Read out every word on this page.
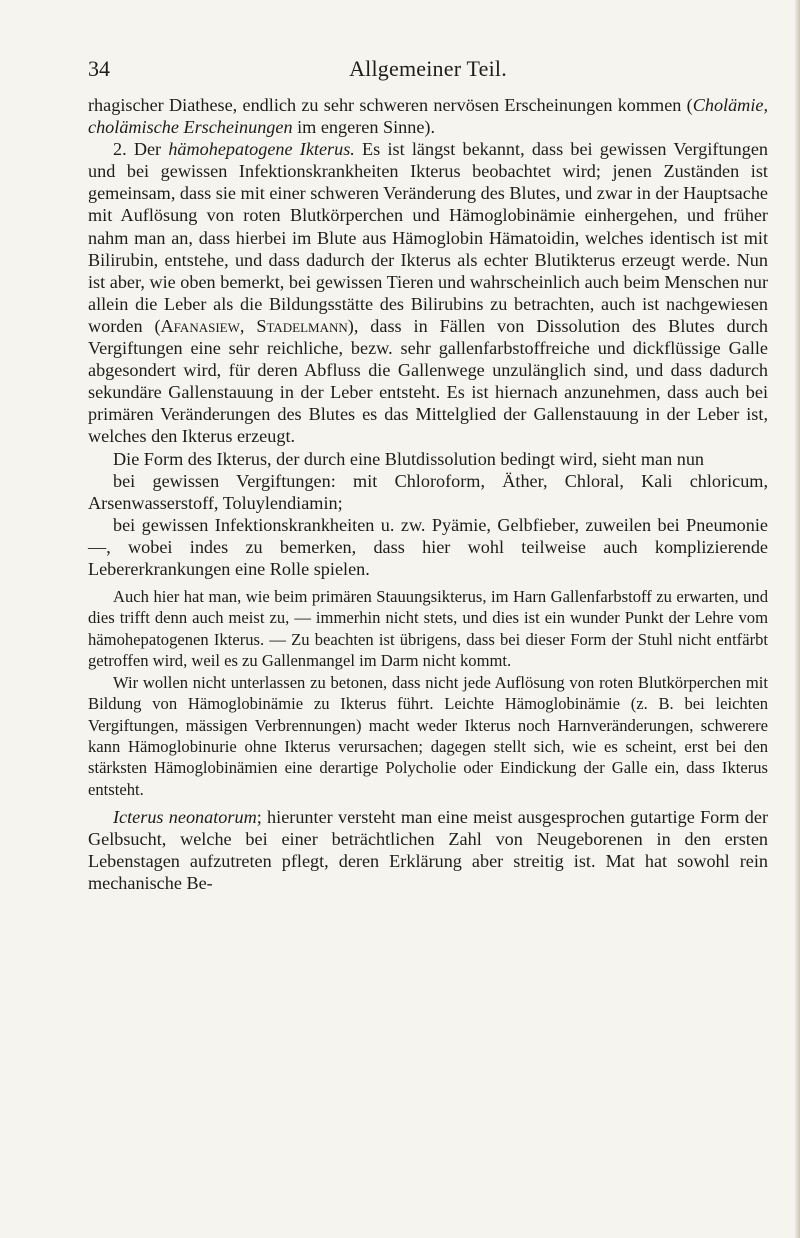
34	Allgemeiner Teil.

rhagischer Diathese, endlich zu sehr schweren nervösen Erscheinungen kommen (Cholämie, cholämische Erscheinungen im engeren Sinne).

2. Der hämohepatogene Ikterus. Es ist längst bekannt, dass bei gewissen Vergiftungen und bei gewissen Infektionskrankheiten Ikterus beobachtet wird; jenen Zuständen ist gemeinsam, dass sie mit einer schweren Veränderung des Blutes, und zwar in der Hauptsache mit Auflösung von roten Blutkörperchen und Hämoglobinämie einhergehen, und früher nahm man an, dass hierbei im Blute aus Hämoglobin Hämatoidin, welches identisch ist mit Bilirubin, entstehe, und dass dadurch der Ikterus als echter Blutikterus erzeugt werde. Nun ist aber, wie oben bemerkt, bei gewissen Tieren und wahrscheinlich auch beim Menschen nur allein die Leber als die Bildungsstätte des Bilirubins zu betrachten, auch ist nachgewiesen worden (Afanasiew, Stadelmann), dass in Fällen von Dissolution des Blutes durch Vergiftungen eine sehr reichliche, bezw. sehr gallenfarbstoffreiche und dickflüssige Galle abgesondert wird, für deren Abfluss die Gallenwege unzulänglich sind, und dass dadurch sekundäre Gallenstauung in der Leber entsteht. Es ist hiernach anzunehmen, dass auch bei primären Veränderungen des Blutes es das Mittelglied der Gallenstauung in der Leber ist, welches den Ikterus erzeugt.

Die Form des Ikterus, der durch eine Blutdissolution bedingt wird, sieht man nun

bei gewissen Vergiftungen: mit Chloroform, Äther, Chloral, Kali chloricum, Arsenwasserstoff, Toluylendiamin;

bei gewissen Infektionskrankheiten u. zw. Pyämie, Gelbfieber, zuweilen bei Pneumonie —, wobei indes zu bemerken, dass hier wohl teilweise auch komplizierende Lebererkrankungen eine Rolle spielen.

Auch hier hat man, wie beim primären Stauungsikterus, im Harn Gallenfarbstoff zu erwarten, und dies trifft denn auch meist zu, — immerhin nicht stets, und dies ist ein wunder Punkt der Lehre vom hämohepatogenen Ikterus. — Zu beachten ist übrigens, dass bei dieser Form der Stuhl nicht entfärbt getroffen wird, weil es zu Gallenmangel im Darm nicht kommt.

Wir wollen nicht unterlassen zu betonen, dass nicht jede Auflösung von roten Blutkörperchen mit Bildung von Hämoglobinämie zu Ikterus führt. Leichte Hämoglobinämie (z. B. bei leichten Vergiftungen, mässigen Verbrennungen) macht weder Ikterus noch Harnveränderungen, schwerere kann Hämoglobinurie ohne Ikterus verursachen; dagegen stellt sich, wie es scheint, erst bei den stärksten Hämoglobinämien eine derartige Polycholie oder Eindickung der Galle ein, dass Ikterus entsteht.

Icterus neonatorum; hierunter versteht man eine meist ausgesprochen gutartige Form der Gelbsucht, welche bei einer beträchtlichen Zahl von Neugeborenen in den ersten Lebenstagen aufzutreten pflegt, deren Erklärung aber streitig ist. Mat hat sowohl rein mechanische Be-
